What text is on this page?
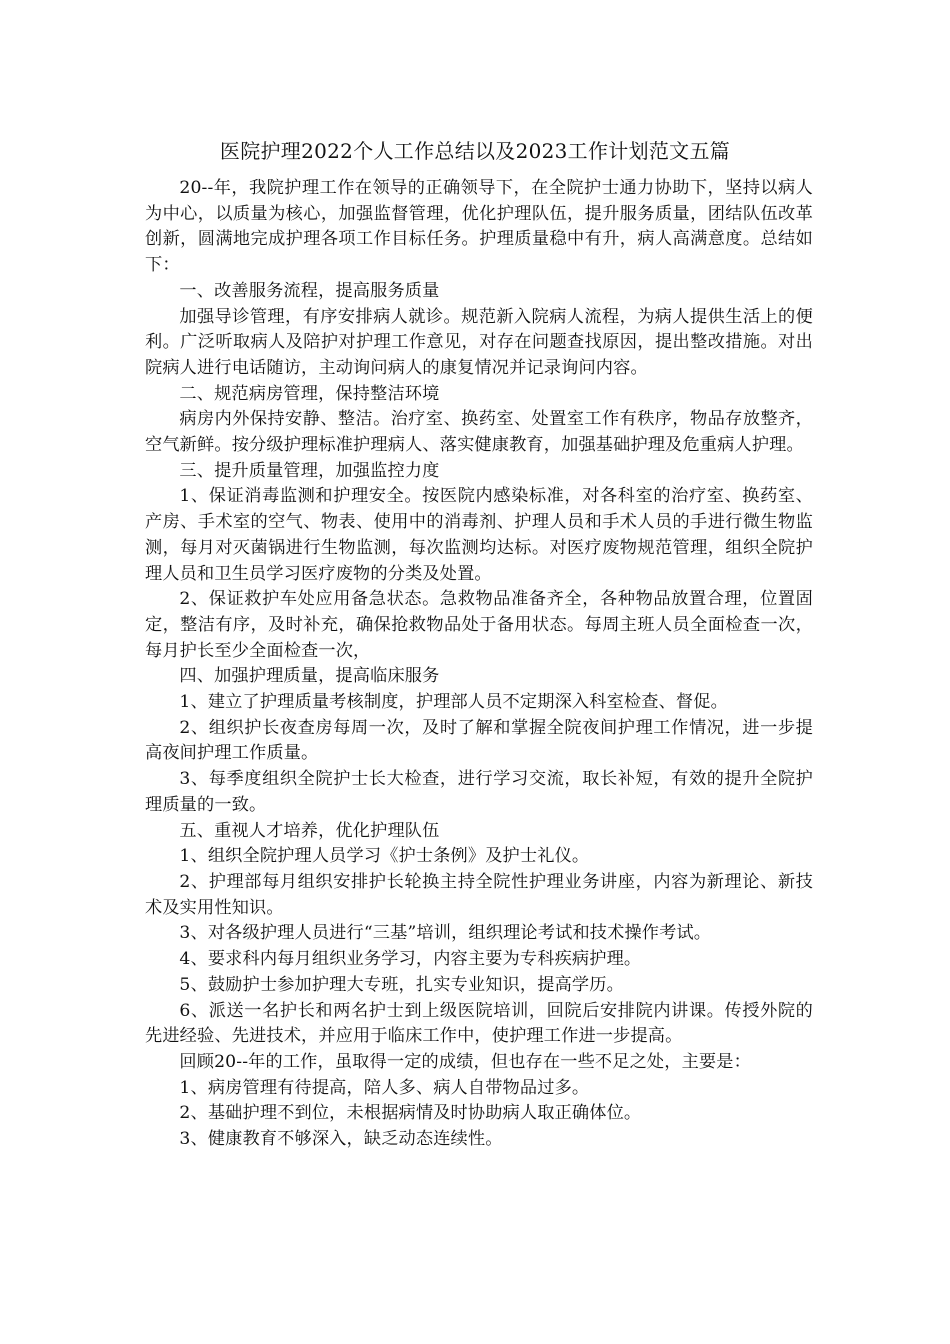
医院护理2022个人工作总结以及2023工作计划范文五篇

20--年，我院护理工作在领导的正确领导下，在全院护士通力协助下，坚持以病人为中心，以质量为核心，加强监督管理，优化护理队伍，提升服务质量，团结队伍改革创新，圆满地完成护理各项工作目标任务。护理质量稳中有升，病人高满意度。总结如下：

一、改善服务流程，提高服务质量

加强导诊管理，有序安排病人就诊。规范新入院病人流程，为病人提供生活上的便利。广泛听取病人及陪护对护理工作意见，对存在问题查找原因，提出整改措施。对出院病人进行电话随访，主动询问病人的康复情况并记录询问内容。

二、规范病房管理，保持整洁环境

病房内外保持安静、整洁。治疗室、换药室、处置室工作有秩序，物品存放整齐，空气新鲜。按分级护理标准护理病人、落实健康教育，加强基础护理及危重病人护理。

三、提升质量管理，加强监控力度

1、保证消毒监测和护理安全。按医院内感染标准，对各科室的治疗室、换药室、产房、手术室的空气、物表、使用中的消毒剂、护理人员和手术人员的手进行微生物监测，每月对灭菌锅进行生物监测，每次监测均达标。对医疗废物规范管理，组织全院护理人员和卫生员学习医疗废物的分类及处置。

2、保证救护车处应用备急状态。急救物品准备齐全，各种物品放置合理，位置固定，整洁有序，及时补充，确保抢救物品处于备用状态。每周主班人员全面检查一次，每月护长至少全面检查一次，

四、加强护理质量，提高临床服务

1、建立了护理质量考核制度，护理部人员不定期深入科室检查、督促。

2、组织护长夜查房每周一次，及时了解和掌握全院夜间护理工作情况，进一步提高夜间护理工作质量。

3、每季度组织全院护士长大检查，进行学习交流，取长补短，有效的提升全院护理质量的一致。

五、重视人才培养，优化护理队伍

1、组织全院护理人员学习《护士条例》及护士礼仪。

2、护理部每月组织安排护长轮换主持全院性护理业务讲座，内容为新理论、新技术及实用性知识。

3、对各级护理人员进行“三基”培训，组织理论考试和技术操作考试。

4、要求科内每月组织业务学习，内容主要为专科疾病护理。

5、鼓励护士参加护理大专班，扎实专业知识，提高学历。

6、派送一名护长和两名护士到上级医院培训，回院后安排院内讲课。传授外院的先进经验、先进技术，并应用于临床工作中，使护理工作进一步提高。

回顾20--年的工作，虽取得一定的成绩，但也存在一些不足之处，主要是：

1、病房管理有待提高，陪人多、病人自带物品过多。

2、基础护理不到位，未根据病情及时协助病人取正确体位。

3、健康教育不够深入，缺乏动态连续性。
